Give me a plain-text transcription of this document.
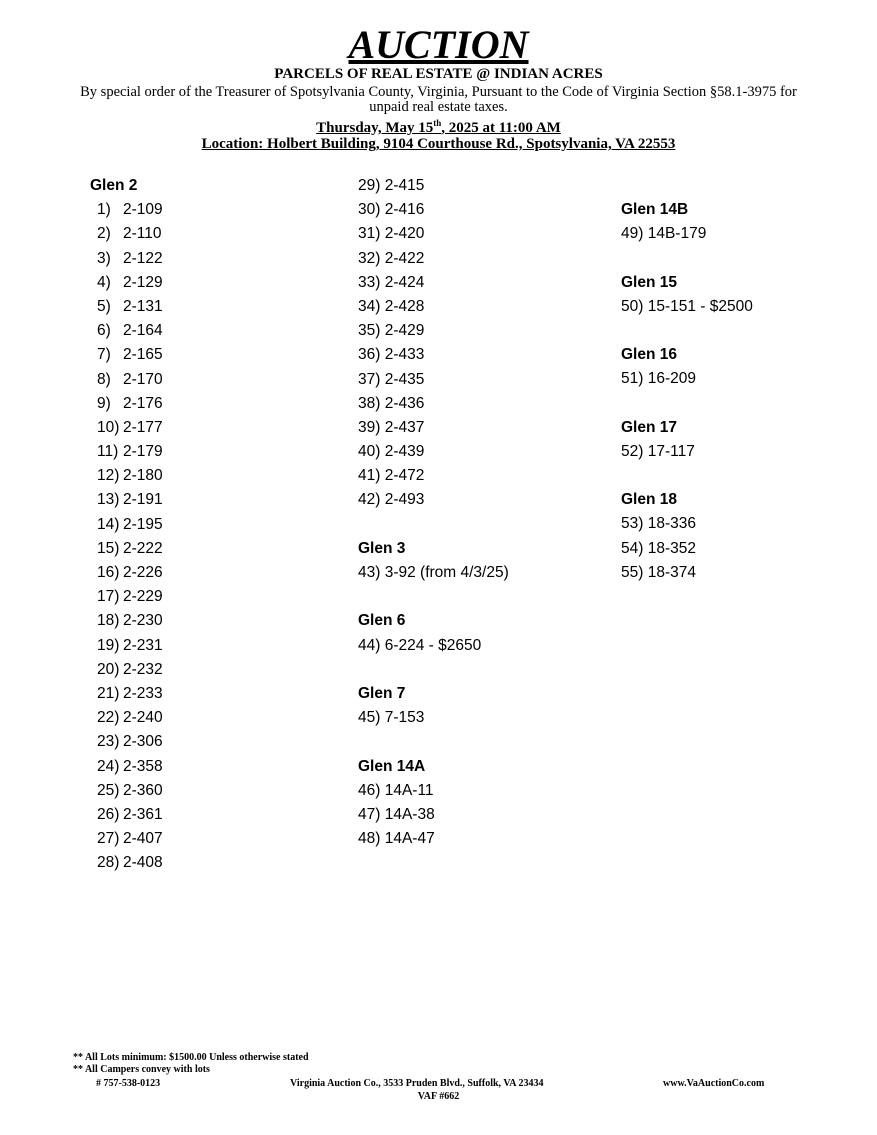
AUCTION
PARCELS OF REAL ESTATE @ INDIAN ACRES
By special order of the Treasurer of Spotsylvania County, Virginia, Pursuant to the Code of Virginia Section §58.1-3975 for unpaid real estate taxes.
Thursday, May 15th, 2025 at 11:00 AM
Location: Holbert Building, 9104 Courthouse Rd., Spotsylvania, VA 22553
Glen 2
1) 2-109
2) 2-110
3) 2-122
4) 2-129
5) 2-131
6) 2-164
7) 2-165
8) 2-170
9) 2-176
10) 2-177
11) 2-179
12) 2-180
13) 2-191
14) 2-195
15) 2-222
16) 2-226
17) 2-229
18) 2-230
19) 2-231
20) 2-232
21) 2-233
22) 2-240
23) 2-306
24) 2-358
25) 2-360
26) 2-361
27) 2-407
28) 2-408
29) 2-415
30) 2-416
31) 2-420
32) 2-422
33) 2-424
34) 2-428
35) 2-429
36) 2-433
37) 2-435
38) 2-436
39) 2-437
40) 2-439
41) 2-472
42) 2-493
Glen 3
43) 3-92 (from 4/3/25)
Glen 6
44) 6-224 - $2650
Glen 7
45) 7-153
Glen 14A
46) 14A-11
47) 14A-38
48) 14A-47
Glen 14B
49) 14B-179
Glen 15
50) 15-151 - $2500
Glen 16
51) 16-209
Glen 17
52) 17-117
Glen 18
53) 18-336
54) 18-352
55) 18-374
** All Lots minimum: $1500.00 Unless otherwise stated
** All Campers convey with lots
# 757-538-0123	Virginia Auction Co., 3533 Pruden Blvd., Suffolk, VA 23434	www.VaAuctionCo.com
VAF #662
